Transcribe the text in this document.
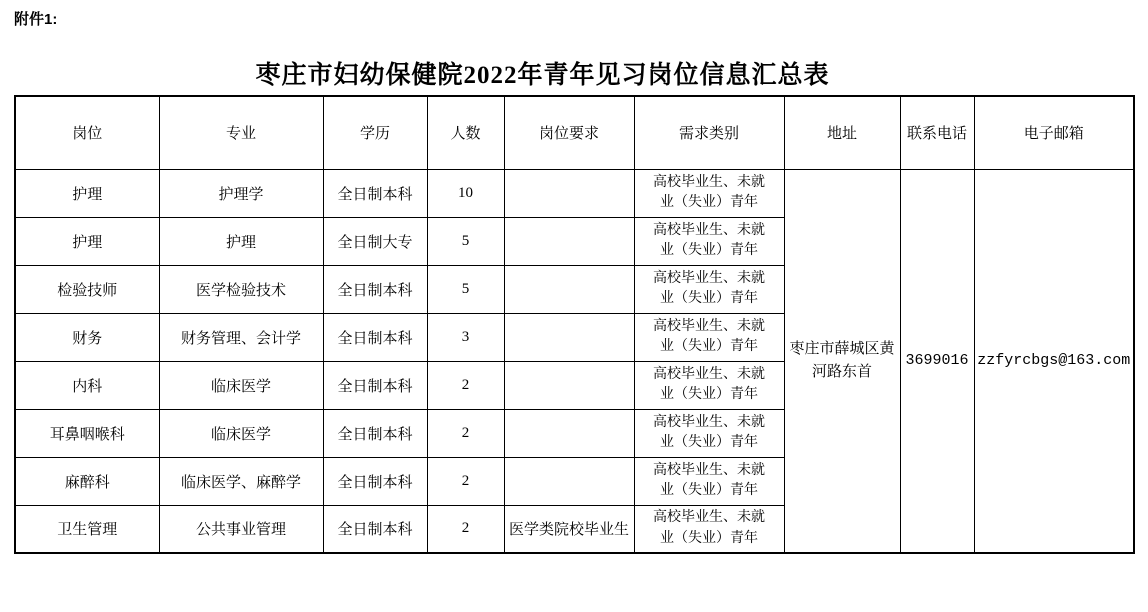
附件1:
枣庄市妇幼保健院2022年青年见习岗位信息汇总表
岗位	专业	学历	人数	岗位要求	需求类别	地址	联系电话	电子邮箱
护理	护理学	全日制本科	10		高校毕业生、未就业（失业）青年	枣庄市薛城区黄河路东首	3699016	zzfyrcbgs@163.com
护理	护理	全日制大专	5		高校毕业生、未就业（失业）青年			
检验技师	医学检验技术	全日制本科	5		高校毕业生、未就业（失业）青年			
财务	财务管理、会计学	全日制本科	3		高校毕业生、未就业（失业）青年			
内科	临床医学	全日制本科	2		高校毕业生、未就业（失业）青年			
耳鼻咽喉科	临床医学	全日制本科	2		高校毕业生、未就业（失业）青年			
麻醉科	临床医学、麻醉学	全日制本科	2		高校毕业生、未就业（失业）青年			
卫生管理	公共事业管理	全日制本科	2	医学类院校毕业生	高校毕业生、未就业（失业）青年			
